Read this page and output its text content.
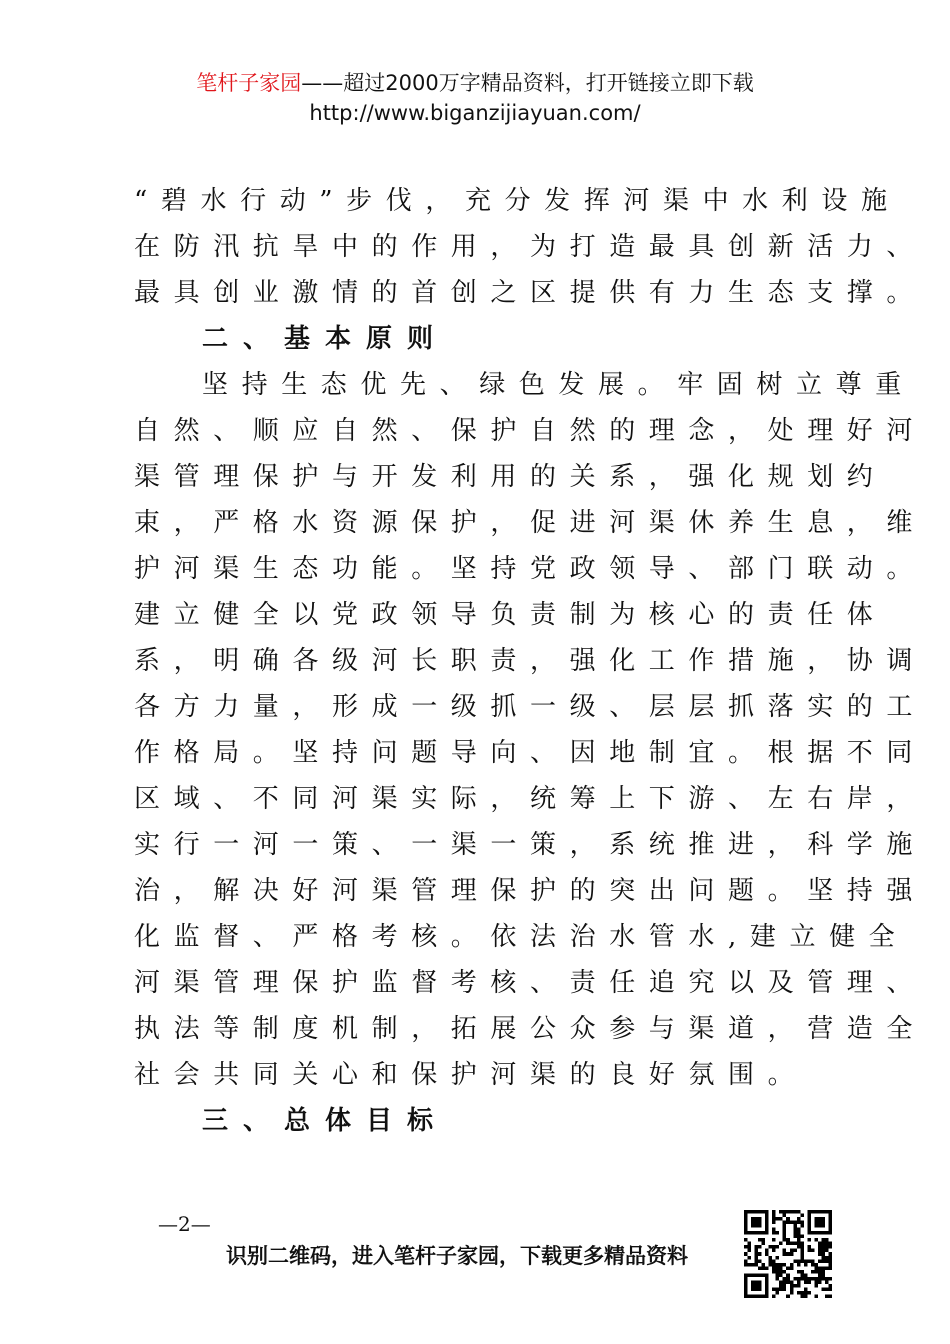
笔杆子家园——超过2000万字精品资料，打开链接立即下载
http://www.biganzijiayuan.com/
“碧水行动”步伐，充分发挥河渠中水利设施
在防汛抗旱中的作用，为打造最具创新活力、
最具创业激情的首创之区提供有力生态支撑。
二、基本原则
坚持生态优先、绿色发展。牢固树立尊重
自然、顺应自然、保护自然的理念，处理好河
渠管理保护与开发利用的关系，强化规划约
束，严格水资源保护，促进河渠休养生息，维
护河渠生态功能。坚持党政领导、部门联动。
建立健全以党政领导负责制为核心的责任体
系，明确各级河长职责，强化工作措施，协调
各方力量，形成一级抓一级、层层抓落实的工
作格局。坚持问题导向、因地制宜。根据不同
区域、不同河渠实际，统筹上下游、左右岸，
实行一河一策、一渠一策，系统推进，科学施
治，解决好河渠管理保护的突出问题。坚持强
化监督、严格考核。依法治水管水,建立健全
河渠管理保护监督考核、责任追究以及管理、
执法等制度机制，拓展公众参与渠道，营造全
社会共同关心和保护河渠的良好氛围。
三、总体目标
—2—
识别二维码，进入笔杆子家园，下载更多精品资料
